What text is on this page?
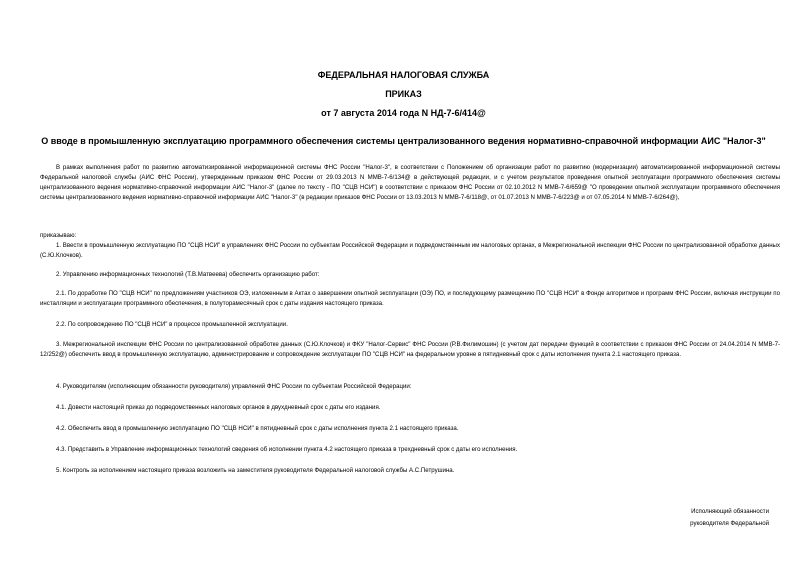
ФЕДЕРАЛЬНАЯ НАЛОГОВАЯ СЛУЖБА
ПРИКАЗ
от 7 августа 2014 года N НД-7-6/414@
О вводе в промышленную эксплуатацию программного обеспечения системы централизованного ведения нормативно-справочной информации АИС "Налог-3"

В рамках выполнения работ по развитию автоматизированной информационной системы ФНС России "Налог-3", в соответствии с Положением об организации работ по развитию (модернизации) автоматизированной информационной системы Федеральной налоговой службы (АИС ФНС России), утвержденным приказом ФНС России от 29.03.2013 N ММВ-7-6/134@ в действующей редакции, и с учетом результатов проведения опытной эксплуатации программного обеспечения системы централизованного ведения нормативно-справочной информации АИС "Налог-3" (далее по тексту - ПО "СЦВ НСИ") в соответствии с приказом ФНС России от 02.10.2012 N ММВ-7-6/659@ "О проведении опытной эксплуатации программного обеспечения системы централизованного ведения нормативно-справочной информации АИС "Налог-3" (в редакции приказов ФНС России от 13.03.2013 N ММВ-7-6/118@, от 01.07.2013 N ММВ-7-6/223@ и от 07.05.2014 N ММВ-7-6/264@),

приказываю:
1. Ввести в промышленную эксплуатацию ПО "СЦВ НСИ" в управлениях ФНС России по субъектам Российской Федерации и подведомственным им налоговых органах, в Межрегиональной инспекции ФНС России по централизованной обработке данных (С.Ю.Клочков).
2. Управлению информационных технологий (Т.В.Матвеева) обеспечить организацию работ:
2.1. По доработке ПО "СЦВ НСИ" по предложениям участников ОЭ, изложенным в Актах о завершении опытной эксплуатации (ОЭ) ПО, и последующему размещению ПО "СЦВ НСИ" в Фонде алгоритмов и программ ФНС России, включая инструкции по инсталляции и эксплуатации программного обеспечения, в полуторамесячный срок с даты издания настоящего приказа.
2.2. По сопровождению ПО "СЦВ НСИ" в процессе промышленной эксплуатации.
3. Межрегиональной инспекции ФНС России по централизованной обработке данных (С.Ю.Клочков) и ФКУ "Налог-Сервис" ФНС России (Р.В.Филимошин) (с учетом дат передачи функций в соответствии с приказом ФНС России от 24.04.2014 N ММВ-7-12/252@) обеспечить ввод в промышленную эксплуатацию, администрирование и сопровождение эксплуатации ПО "СЦВ НСИ" на федеральном уровне в пятидневный срок с даты исполнения пункта 2.1 настоящего приказа.
4. Руководителям (исполняющим обязанности руководителя) управлений ФНС России по субъектам Российской Федерации:
4.1. Довести настоящий приказ до подведомственных налоговых органов в двухдневный срок с даты его издания.
4.2. Обеспечить ввод в промышленную эксплуатацию ПО "СЦВ НСИ" в пятидневный срок с даты исполнения пункта 2.1 настоящего приказа.
4.3. Представить в Управление информационных технологий сведения об исполнении пункта 4.2 настоящего приказа в трехдневный срок с даты его исполнения.
5. Контроль за исполнением настоящего приказа возложить на заместителя руководителя Федеральной налоговой службы А.С.Петрушина.
Исполняющий обязанности
руководителя Федеральной
